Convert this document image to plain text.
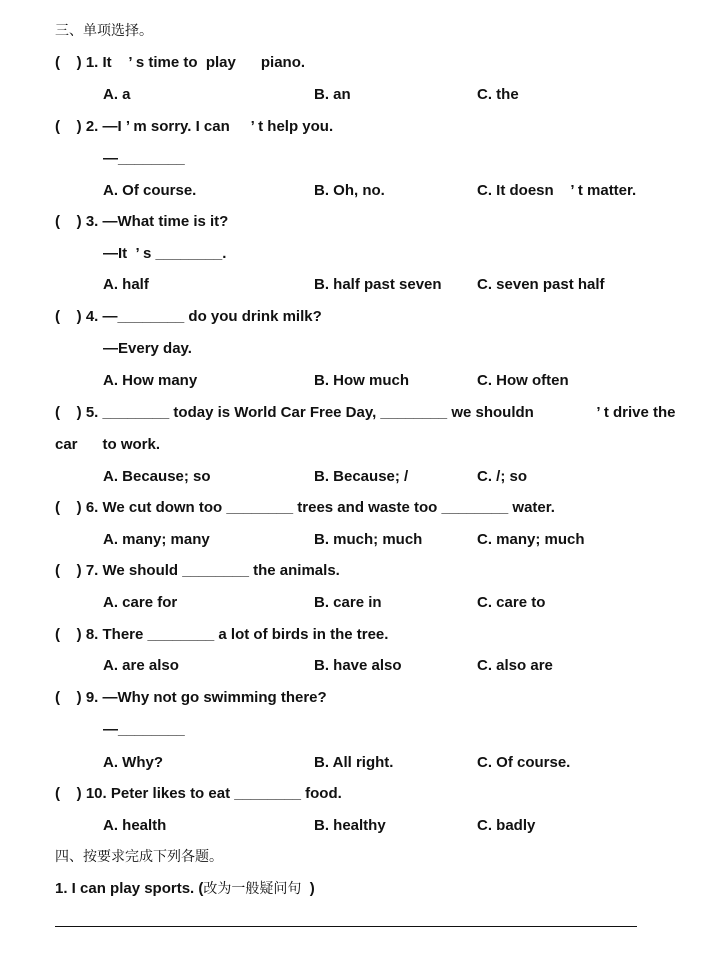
三、单项选择。
(    ) 1. It    ’ s time to  play      piano.
A. a	B. an	C. the
(    ) 2. —I ’ m sorry. I can     ’ t help you.
—________
A. Of course.	B. Oh, no.	C. It doesn    ’ t matter.
(    ) 3. —What time is it?
—It  ’ s ________.
A. half	B. half past seven C. seven past half
(    ) 4. —________ do you drink milk?
—Every day.
A. How many	B. How much	C. How often
(    ) 5. ________ today is World Car Free Day, ________ we shouldn               ’ t drive the
car      to work.
A. Because; so	B. Because; /	C. /; so
(    ) 6. We cut down too ________ trees and waste too ________ water.
A. many; many	B. much; much	C. many; much
(    ) 7. We should ________ the animals.
A. care for	B. care in	C. care to
(    ) 8. There ________ a lot of birds in the tree.
A. are also	B. have also	C. also are
(    ) 9. —Why not go swimming there?
—________
A. Why?	B. All right.	C. Of course.
(    ) 10. Peter likes to eat ________ food.
A. health	B. healthy	C. badly
四、按要求完成下列各题。
1. I can play sports. (改为一般疑问句  )
